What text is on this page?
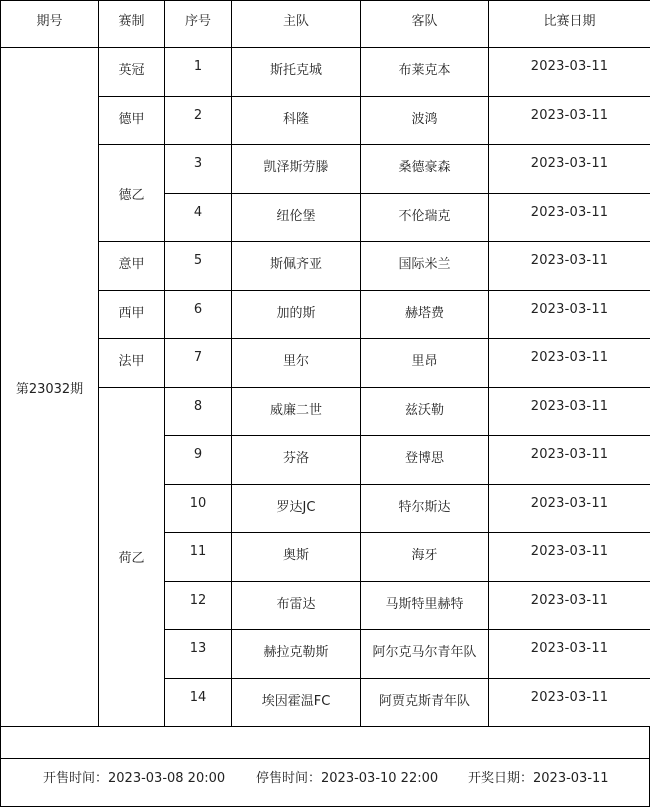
期号	赛制	序号	主队	客队	比赛日期
第23032期	英冠	1	斯托克城	布莱克本	2023-03-11
	德甲	2	科隆	波鸿	2023-03-11
	德乙	3	凯泽斯劳滕	桑德豪森	2023-03-11
		4	纽伦堡	不伦瑞克	2023-03-11
	意甲	5	斯佩齐亚	国际米兰	2023-03-11
	西甲	6	加的斯	赫塔费	2023-03-11
	法甲	7	里尔	里昂	2023-03-11
	荷乙	8	威廉二世	兹沃勒	2023-03-11
		9	芬洛	登博思	2023-03-11
		10	罗达JC	特尔斯达	2023-03-11
		11	奥斯	海牙	2023-03-11
		12	布雷达	马斯特里赫特	2023-03-11
		13	赫拉克勒斯	阿尔克马尔青年队	2023-03-11
		14	埃因霍温FC	阿贾克斯青年队	2023-03-11
开售时间：2023-03-08 20:00 停售时间：2023-03-10 22:00 开奖日期：2023-03-11
